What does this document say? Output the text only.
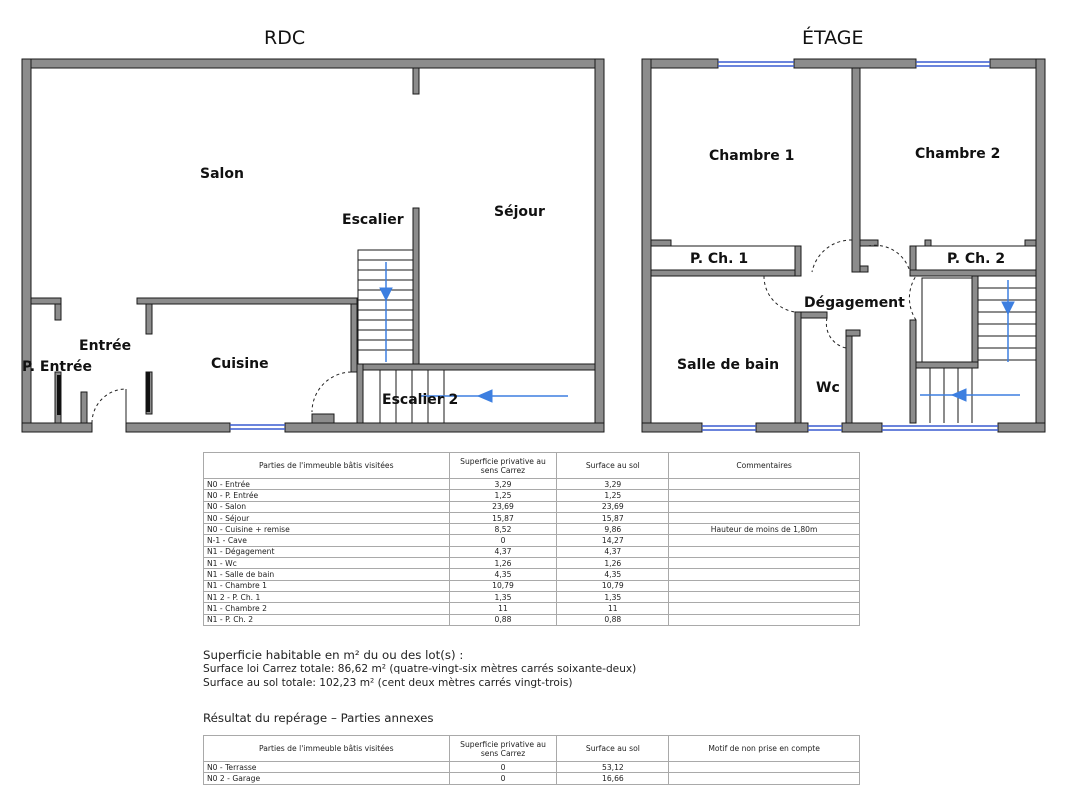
RDC	ÉTAGE
Salon
Séjour
Escalier
Entrée
P. Entrée	Cuisine
Escalier 2
Chambre 1	Chambre 2
P. Ch. 1	P. Ch. 2
Dégagement
Salle de bain
Wc
Parties de l'immeuble bâtis visitées	Superficie privative au sens Carrez	Surface au sol	Commentaires
N0 - Entrée	3,29	3,29	
N0 - P. Entrée	1,25	1,25	
N0 - Salon	23,69	23,69	
N0 - Séjour	15,87	15,87	
N0 - Cuisine + remise	8,52	9,86	Hauteur de moins de 1,80m
N-1 - Cave	0	14,27	
N1 - Dégagement	4,37	4,37	
N1 - Wc	1,26	1,26	
N1 - Salle de bain	4,35	4,35	
N1 - Chambre 1	10,79	10,79	
N1 2 - P. Ch. 1	1,35	1,35	
N1 - Chambre 2	11	11	
N1 - P. Ch. 2	0,88	0,88	
Superficie habitable en m² du ou des lot(s) :
Surface loi Carrez totale: 86,62 m² (quatre-vingt-six mètres carrés soixante-deux)
Surface au sol totale: 102,23 m² (cent deux mètres carrés vingt-trois)
Résultat du repérage – Parties annexes
Parties de l'immeuble bâtis visitées	Superficie privative au sens Carrez	Surface au sol	Motif de non prise en compte
N0 - Terrasse	0	53,12	
N0 2 - Garage	0	16,66	
